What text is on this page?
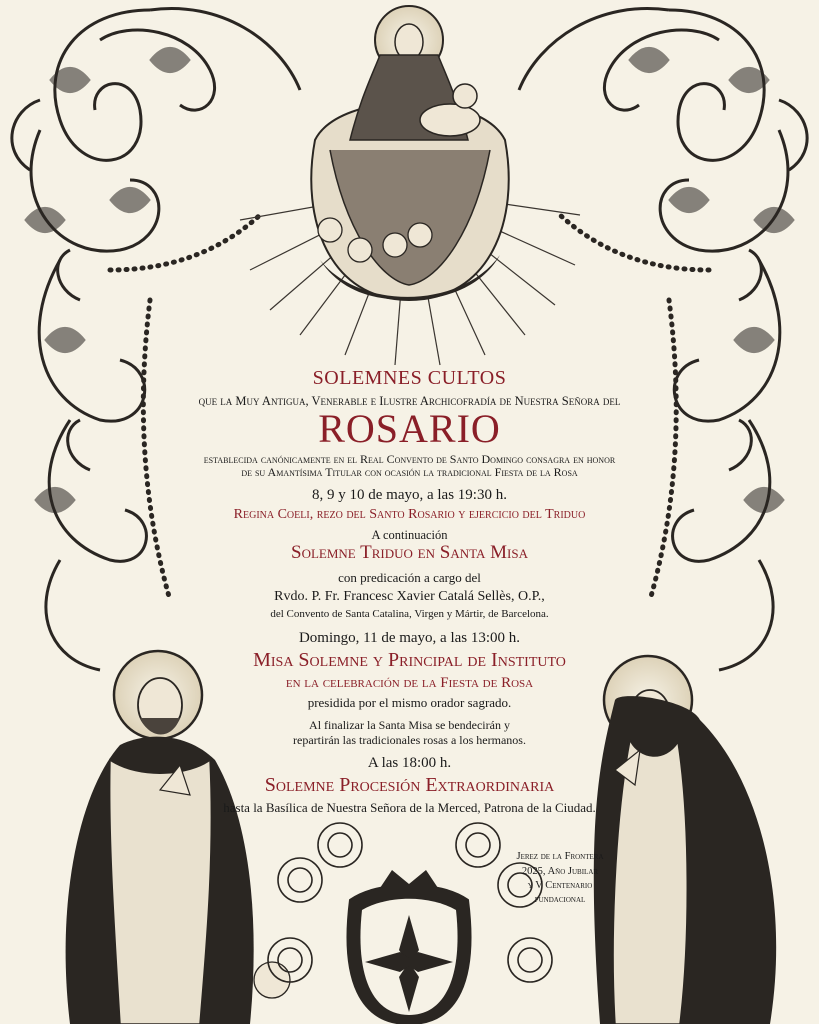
SOLEMNES CULTOS

que la Muy Antigua, Venerable e Ilustre Archicofradía de Nuestra Señora del

ROSARIO

establecida canónicamente en el Real Convento de Santo Domingo consagra en honor

de su Amantísima Titular con ocasión la tradicional Fiesta de la Rosa

8, 9 y 10 de mayo, a las 19:30 h.

Regina Coeli, rezo del Santo Rosario y ejercicio del Triduo

A continuación

Solemne Triduo en Santa Misa

con predicación a cargo del

Rvdo. P. Fr. Francesc Xavier Catalá Sellès, O.P.,

del Convento de Santa Catalina, Virgen y Mártir, de Barcelona.

Domingo, 11 de mayo, a las 13:00 h.

Misa Solemne y Principal de Instituto

en la celebración de la Fiesta de Rosa

presidida por el mismo orador sagrado.

Al finalizar la Santa Misa se bendecirán y

repartirán las tradicionales rosas a los hermanos.

A las 18:00 h.

Solemne Procesión Extraordinaria

hasta la Basílica de Nuestra Señora de la Merced, Patrona de la Ciudad.

Jerez de la Frontera

2025, Año Jubilar

y V Centenario

fundacional
